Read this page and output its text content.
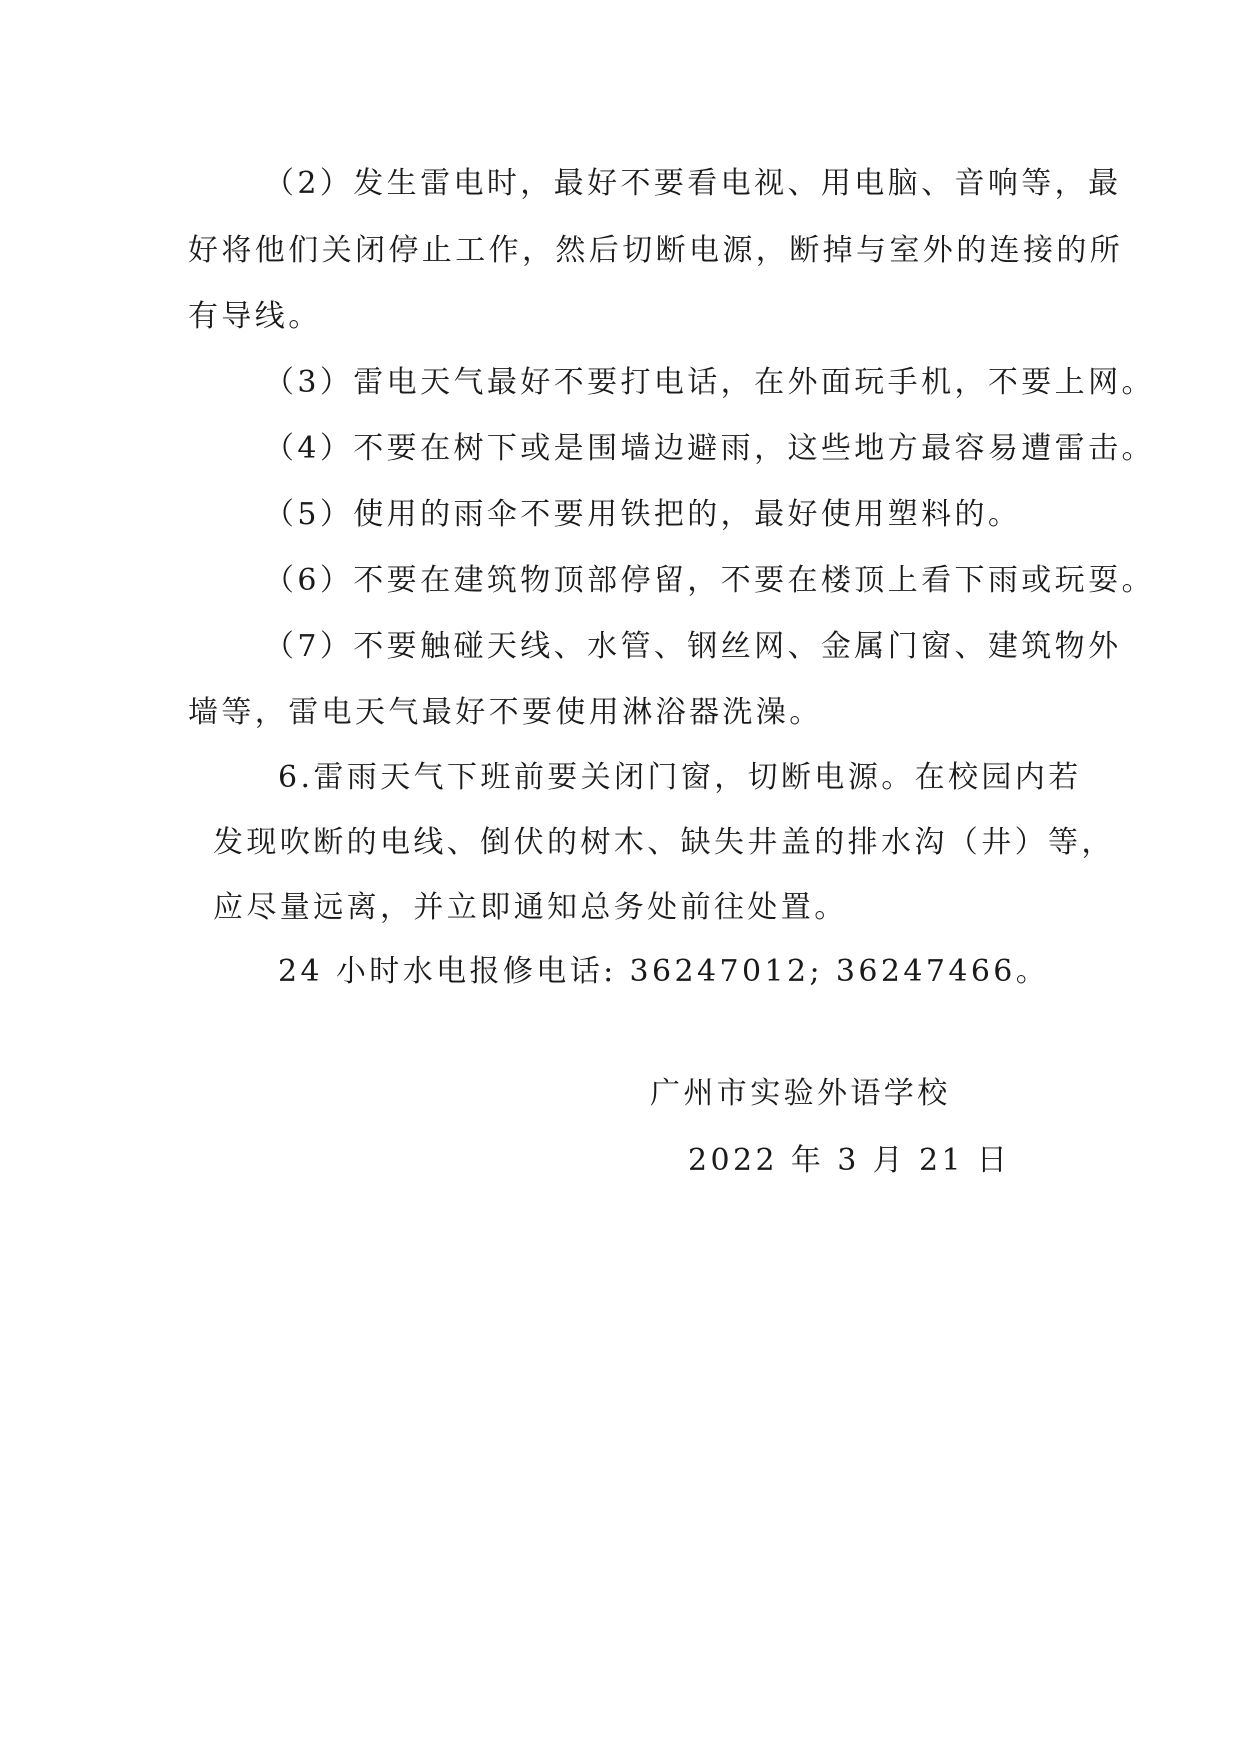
（2）发生雷电时，最好不要看电视、用电脑、音响等，最
好将他们关闭停止工作，然后切断电源，断掉与室外的连接的所
有导线。
（3）雷电天气最好不要打电话，在外面玩手机，不要上网。
（4）不要在树下或是围墙边避雨，这些地方最容易遭雷击。
（5）使用的雨伞不要用铁把的，最好使用塑料的。
（6）不要在建筑物顶部停留，不要在楼顶上看下雨或玩耍。
（7）不要触碰天线、水管、钢丝网、金属门窗、建筑物外
墙等，雷电天气最好不要使用淋浴器洗澡。
6.雷雨天气下班前要关闭门窗，切断电源。在校园内若
发现吹断的电线、倒伏的树木、缺失井盖的排水沟（井）等，
应尽量远离，并立即通知总务处前往处置。
24 小时水电报修电话: 36247012; 36247466。
广州市实验外语学校
2022 年 3 月 21 日
